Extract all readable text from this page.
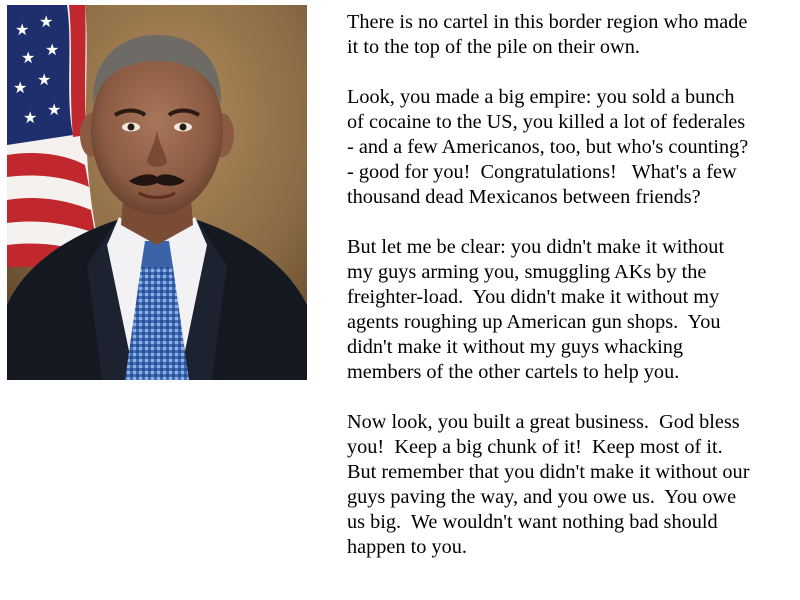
★ ★
★ ★
★ ★
★ ★

There is no cartel in this border region who made
it to the top of the pile on their own.

Look, you made a big empire: you sold a bunch
of cocaine to the US, you killed a lot of federales
- and a few Americanos, too, but who's counting?
- good for you!  Congratulations!   What's a few
thousand dead Mexicanos between friends?

But let me be clear: you didn't make it without
my guys arming you, smuggling AKs by the
freighter-load.  You didn't make it without my
agents roughing up American gun shops.  You
didn't make it without my guys whacking
members of the other cartels to help you.

Now look, you built a great business.  God bless
you!  Keep a big chunk of it!  Keep most of it.
But remember that you didn't make it without our
guys paving the way, and you owe us.  You owe
us big.  We wouldn't want nothing bad should
happen to you.
